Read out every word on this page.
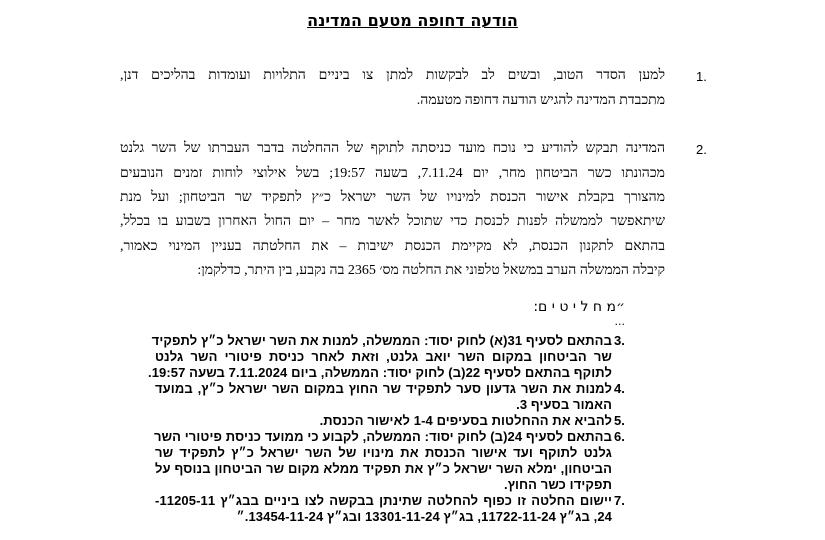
הודעה דחופה מטעם המדינה
1.
למען הסדר הטוב, ובשים לב לבקשות למתן צו ביניים התלויות ועומדות בהליכים דנן,
מתכבדת המדינה להגיש הודעה דחופה מטעמה.
2.
המדינה תבקש להודיע כי נוכח מועד כניסתה לתוקף של ההחלטה בדבר העברתו של השר גלנט
מכהונתו כשר הביטחון מחר, יום 7.11.24, בשעה 19:57; בשל אילוצי לוחות זמנים הנובעים
מהצורך בקבלת אישור הכנסת למינויו של השר ישראל כ״ץ לתפקיד שר הביטחון; ועל מנת
שיתאפשר לממשלה לפנות לכנסת כדי שתוכל לאשר מחר – יום החול האחרון בשבוע בו בכלל,
בהתאם לתקנון הכנסת, לא מקיימת הכנסת ישיבות – את החלטתה בעניין המינוי כאמור,
קיבלה הממשלה הערב במשאל טלפוני את החלטה מס׳ 2365 בה נקבע, בין היתר, כדלקמן:
״מ ח ל י ט י ם:
...
3.
בהתאם לסעיף 31(א) לחוק יסוד: הממשלה, למנות את השר ישראל כ״ץ לתפקיד
שר הביטחון במקום השר יואב גלנט, וזאת לאחר כניסת פיטורי השר גלנט
לתוקף בהתאם לסעיף 22(ב) לחוק יסוד: הממשלה, ביום 7.11.2024 בשעה 19:57.
4.
למנות את השר גדעון סער לתפקיד שר החוץ במקום השר ישראל כ״ץ, במועד
האמור בסעיף 3.
5.
להביא את ההחלטות בסעיפים 1-4 לאישור הכנסת.
6.
בהתאם לסעיף 24(ב) לחוק יסוד: הממשלה, לקבוע כי ממועד כניסת פיטורי השר
גלנט לתוקף ועד אישור הכנסת את מינויו של השר ישראל כ״ץ לתפקיד שר
הביטחון, ימלא השר ישראל כ״ץ את תפקיד ממלא מקום שר הביטחון בנוסף על
תפקידו כשר החוץ.
7.
יישום החלטה זו כפוף להחלטה שתינתן בבקשה לצו ביניים בבג״ץ 11205-11-
24, בג״ץ 11722-11-24, בג״ץ 13301-11-24 ובג״ץ 13454-11-24.״
